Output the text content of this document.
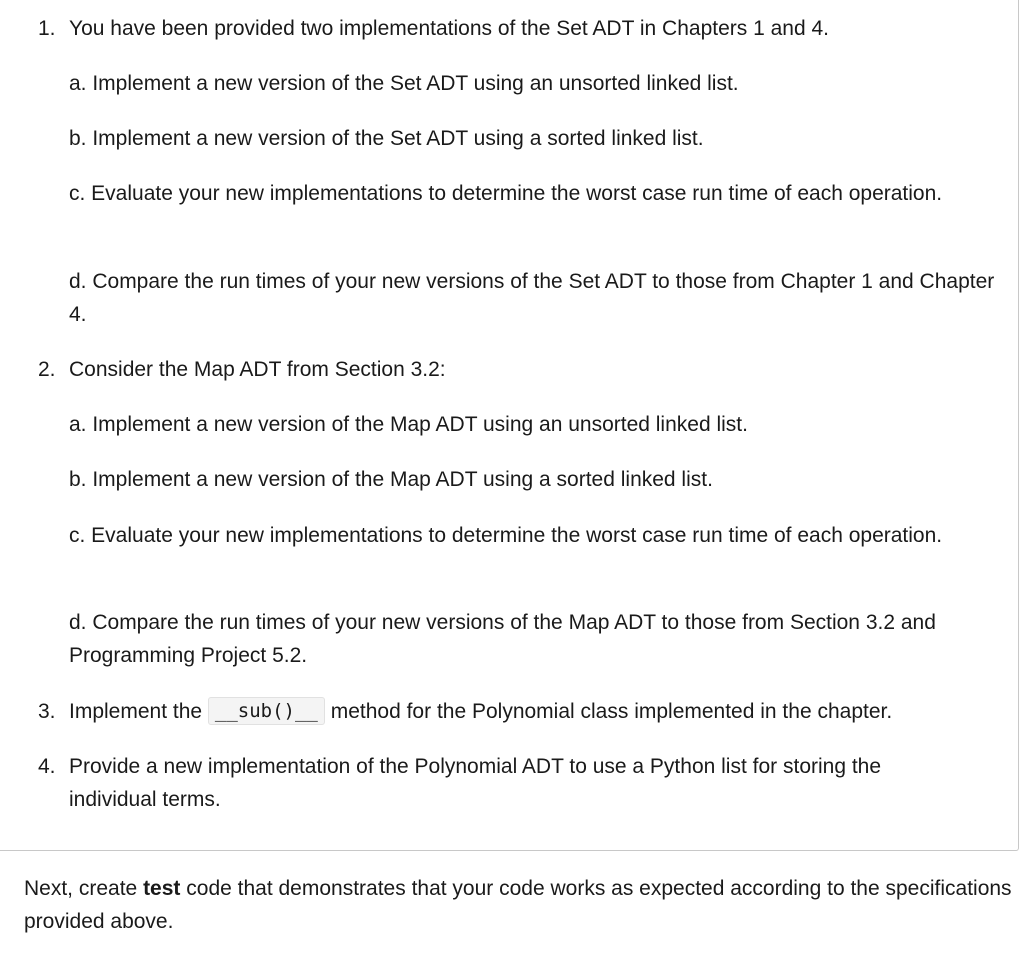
1. You have been provided two implementations of the Set ADT in Chapters 1 and 4.
a. Implement a new version of the Set ADT using an unsorted linked list.
b. Implement a new version of the Set ADT using a sorted linked list.
c. Evaluate your new implementations to determine the worst case run time of each operation.
d. Compare the run times of your new versions of the Set ADT to those from Chapter 1 and Chapter 4.
2. Consider the Map ADT from Section 3.2:
a. Implement a new version of the Map ADT using an unsorted linked list.
b. Implement a new version of the Map ADT using a sorted linked list.
c. Evaluate your new implementations to determine the worst case run time of each operation.
d. Compare the run times of your new versions of the Map ADT to those from Section 3.2 and Programming Project 5.2.
3. Implement the __sub()__ method for the Polynomial class implemented in the chapter.
4. Provide a new implementation of the Polynomial ADT to use a Python list for storing the individual terms.
Next, create test code that demonstrates that your code works as expected according to the specifications provided above.
